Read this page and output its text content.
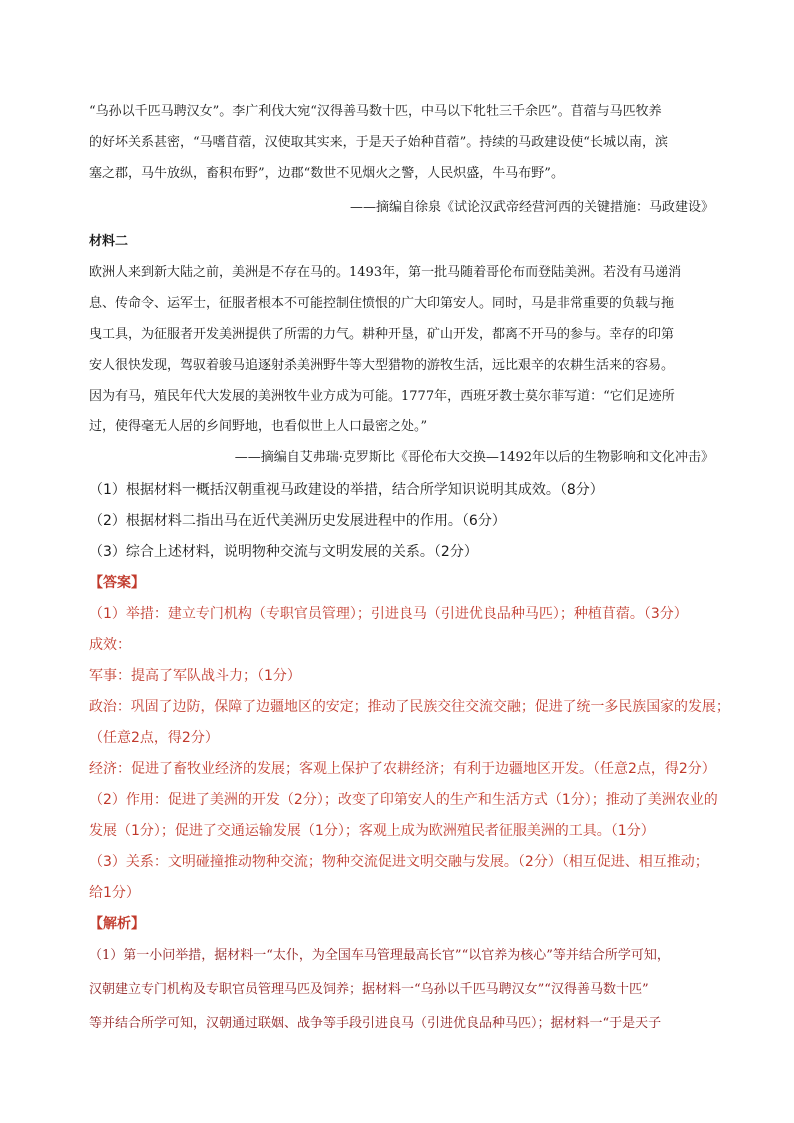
“乌孙以千匹马聘汉女”。李广利伐大宛“汉得善马数十匹，中马以下牝牡三千余匹”。苜蓿与马匹牧养
的好坏关系甚密，“马嗜苜蓿，汉使取其实来，于是天子始种苜蓿”。持续的马政建设使“长城以南，滨
塞之郡，马牛放纵，畜积布野”，边郡“数世不见烟火之警，人民炽盛，牛马布野”。
——摘编自徐泉《试论汉武帝经营河西的关键措施：马政建设》
材料二
欧洲人来到新大陆之前，美洲是不存在马的。1493年，第一批马随着哥伦布而登陆美洲。若没有马递消
息、传命令、运军士，征服者根本不可能控制住愤恨的广大印第安人。同时，马是非常重要的负载与拖
曳工具，为征服者开发美洲提供了所需的力气。耕种开垦，矿山开发，都离不开马的参与。幸存的印第
安人很快发现，驾驭着骏马追逐射杀美洲野牛等大型猎物的游牧生活，远比艰辛的农耕生活来的容易。
因为有马，殖民年代大发展的美洲牧牛业方成为可能。1777年，西班牙教士莫尔菲写道：“它们足迹所
过，使得毫无人居的乡间野地，也看似世上人口最密之处。”
——摘编自艾弗瑞·克罗斯比《哥伦布大交换—1492年以后的生物影响和文化冲击》
（1）根据材料一概括汉朝重视马政建设的举措，结合所学知识说明其成效。（8分）
（2）根据材料二指出马在近代美洲历史发展进程中的作用。（6分）
（3）综合上述材料，说明物种交流与文明发展的关系。（2分）
【答案】
（1）举措：建立专门机构（专职官员管理）；引进良马（引进优良品种马匹）；种植苜蓿。（3分）
成效：
军事：提高了军队战斗力；（1分）
政治：巩固了边防，保障了边疆地区的安定；推动了民族交往交流交融；促进了统一多民族国家的发展；
（任意2点，得2分）
经济：促进了畜牧业经济的发展；客观上保护了农耕经济；有利于边疆地区开发。（任意2点，得2分）
（2）作用：促进了美洲的开发（2分）；改变了印第安人的生产和生活方式（1分）；推动了美洲农业的
发展（1分）；促进了交通运输发展（1分）；客观上成为欧洲殖民者征服美洲的工具。（1分）
（3）关系：文明碰撞推动物种交流；物种交流促进文明交融与发展。（2分）（相互促进、相互推动；
给1分）
【解析】
（1）第一小问举措，据材料一“太仆，为全国车马管理最高长官”“以官养为核心”等并结合所学可知，
汉朝建立专门机构及专职官员管理马匹及饲养；据材料一“乌孙以千匹马聘汉女”“汉得善马数十匹”
等并结合所学可知，汉朝通过联姻、战争等手段引进良马（引进优良品种马匹）；据材料一“于是天子
